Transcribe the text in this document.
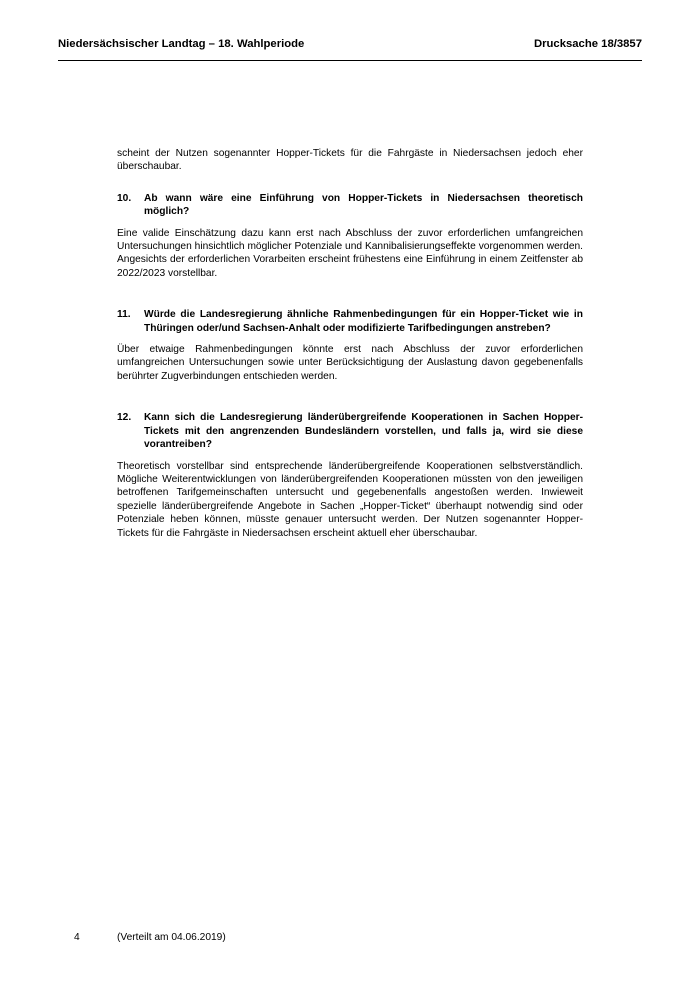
Niedersächsischer Landtag – 18. Wahlperiode	Drucksache 18/3857

scheint der Nutzen sogenannter Hopper-Tickets für die Fahrgäste in Niedersachsen jedoch eher überschaubar.

10.	Ab wann wäre eine Einführung von Hopper-Tickets in Niedersachsen theoretisch möglich?

Eine valide Einschätzung dazu kann erst nach Abschluss der zuvor erforderlichen umfangreichen Untersuchungen hinsichtlich möglicher Potenziale und Kannibalisierungseffekte vorgenommen werden. Angesichts der erforderlichen Vorarbeiten erscheint frühestens eine Einführung in einem Zeitfenster ab 2022/2023 vorstellbar.

11.	Würde die Landesregierung ähnliche Rahmenbedingungen für ein Hopper-Ticket wie in Thüringen oder/und Sachsen-Anhalt oder modifizierte Tarifbedingungen anstreben?

Über etwaige Rahmenbedingungen könnte erst nach Abschluss der zuvor erforderlichen umfangreichen Untersuchungen sowie unter Berücksichtigung der Auslastung davon gegebenenfalls berührter Zugverbindungen entschieden werden.

12.	Kann sich die Landesregierung länderübergreifende Kooperationen in Sachen Hopper-Tickets mit den angrenzenden Bundesländern vorstellen, und falls ja, wird sie diese vorantreiben?

Theoretisch vorstellbar sind entsprechende länderübergreifende Kooperationen selbstverständlich. Mögliche Weiterentwicklungen von länderübergreifenden Kooperationen müssten von den jeweiligen betroffenen Tarifgemeinschaften untersucht und gegebenenfalls angestoßen werden. Inwieweit spezielle länderübergreifende Angebote in Sachen „Hopper-Ticket“ überhaupt notwendig sind oder Potenziale heben können, müsste genauer untersucht werden. Der Nutzen sogenannter Hopper-Tickets für die Fahrgäste in Niedersachsen erscheint aktuell eher überschaubar.

4	(Verteilt am 04.06.2019)
